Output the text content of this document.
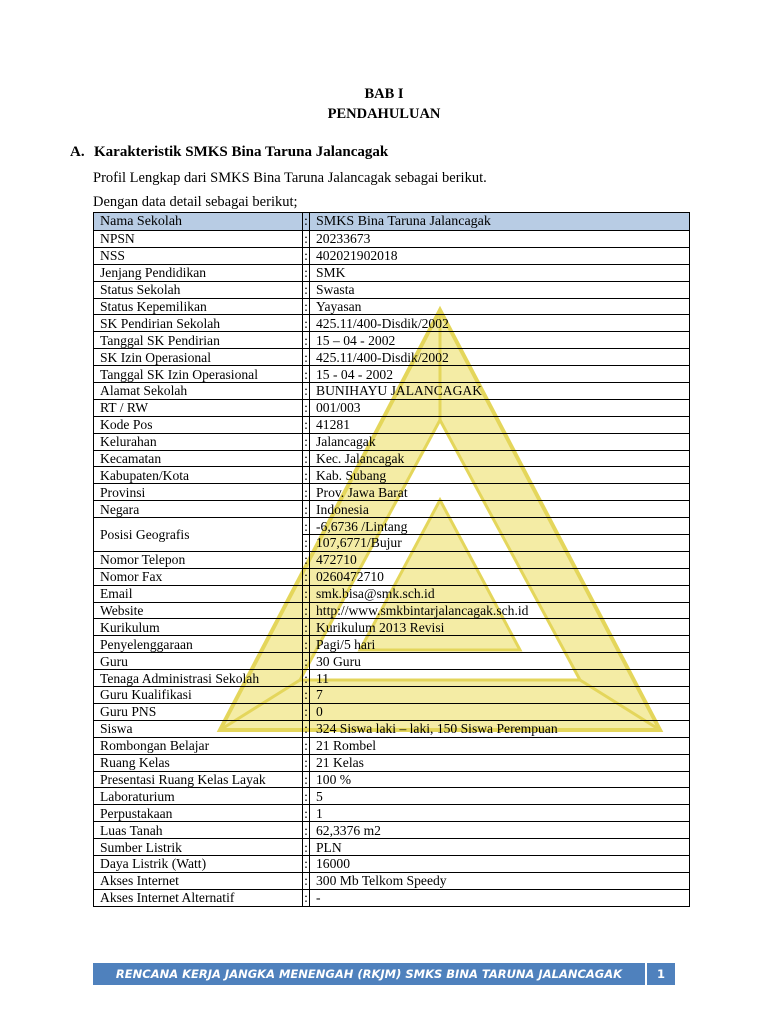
BAB I
PENDAHULUAN
A. Karakteristik SMKS Bina Taruna Jalancagak
Profil Lengkap dari SMKS Bina Taruna Jalancagak sebagai berikut.
Dengan data detail sebagai berikut;
Nama Sekolah	:	SMKS Bina Taruna Jalancagak
NPSN	:	20233673
NSS	:	402021902018
Jenjang Pendidikan	:	SMK
Status Sekolah	:	Swasta
Status Kepemilikan	:	Yayasan
SK Pendirian Sekolah	:	425.11/400-Disdik/2002
Tanggal SK Pendirian	:	15 – 04 - 2002
SK Izin Operasional	:	425.11/400-Disdik/2002
Tanggal SK Izin Operasional	:	15 - 04 - 2002
Alamat Sekolah	:	BUNIHAYU JALANCAGAK
RT / RW	:	001/003
Kode Pos	:	41281
Kelurahan	:	Jalancagak
Kecamatan	:	Kec. Jalancagak
Kabupaten/Kota	:	Kab. Subang
Provinsi	:	Prov. Jawa Barat
Negara	:	Indonesia
Posisi Geografis	:	-6,6736 /Lintang
	:	107,6771/Bujur
Nomor Telepon	:	472710
Nomor Fax	:	0260472710
Email	:	smk.bisa@smk.sch.id
Website	:	http://www.smkbintarjalancagak.sch.id
Kurikulum	:	Kurikulum 2013 Revisi
Penyelenggaraan	:	Pagi/5 hari
Guru	:	30 Guru
Tenaga Administrasi Sekolah	:	11
Guru Kualifikasi	:	7
Guru PNS	:	0
Siswa	:	324 Siswa laki – laki, 150 Siswa Perempuan
Rombongan Belajar	:	21 Rombel
Ruang Kelas	:	21 Kelas
Presentasi Ruang Kelas Layak	:	100 %
Laboraturium	:	5
Perpustakaan	:	1
Luas Tanah	:	62,3376 m2
Sumber Listrik	:	PLN
Daya Listrik (Watt)	:	16000
Akses Internet	:	300 Mb Telkom Speedy
Akses Internet Alternatif	:	-
RENCANA KERJA JANGKA MENENGAH (RKJM) SMKS BINA TARUNA JALANCAGAK	1
